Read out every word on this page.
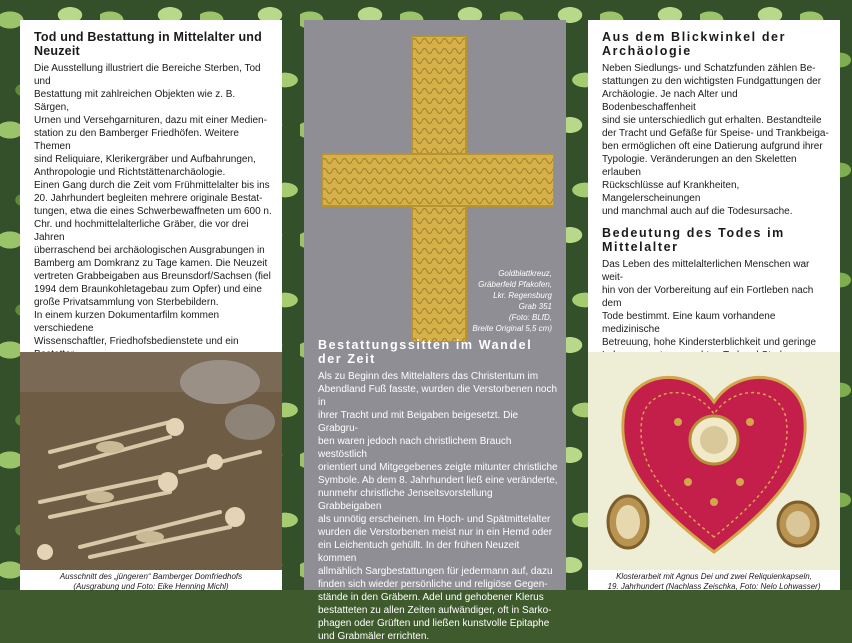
Tod und Bestattung in Mittelalter und Neuzeit

Die Ausstellung illustriert die Bereiche Sterben, Tod und
Bestattung mit zahlreichen Objekten wie z. B. Särgen,
Urnen und Versehgarnituren, dazu mit einer Medien-
station zu den Bamberger Friedhöfen. Weitere Themen
sind Reliquiare, Klerikergräber und Aufbahrungen,
Anthropologie und Richtstättenarchäologie.
Einen Gang durch die Zeit vom Frühmittelalter bis ins
20. Jahrhundert begleiten mehrere originale Bestat-
tungen, etwa die eines Schwerbewaffneten um 600 n.
Chr. und hochmittelalterliche Gräber, die vor drei Jahren
überraschend bei archäologischen Ausgrabungen in
Bamberg am Domkranz zu Tage kamen. Die Neuzeit
vertreten Grabbeigaben aus Breunsdorf/Sachsen (fiel
1994 dem Braunkohletagebau zum Opfer) und eine
große Privatsammlung von Sterbebildern.
In einem kurzen Dokumentarfilm kommen verschiedene
Wissenschaftler, Friedhofsbedienstete und ein

Ausschnitt des „jüngeren“ Bamberger Domfriedhofs
(Ausgrabung und Foto: Eike Henning Michl)
Goldblattkreuz,
Gräberfeld Pfakofen,
Lkr. Regensburg
Grab 351
(Foto: BLfD,
Breite Original 5,5 cm)
Bestattungssitten im Wandel der Zeit

Als zu Beginn des Mittelalters das Christentum im
Abendland Fuß fasste, wurden die Verstorbenen noch in
ihrer Tracht und mit Beigaben beigesetzt. Die Grabgru-
ben waren jedoch nach christlichem Brauch westöstlich
orientiert und Mitgegebenes zeigte mitunter christliche
Symbole. Ab dem 8. Jahrhundert ließ eine veränderte,
nunmehr christliche Jenseitsvorstellung Grabbeigaben
als unnötig erscheinen. Im Hoch- und Spätmittelalter
wurden die Verstorbenen meist nur in ein Hemd oder
ein Leichentuch gehüllt. In der frühen Neuzeit kommen
allmählich Sargbestattungen für jedermann auf, dazu
finden sich wieder persönliche und religiöse Gegen-
stände in den Gräbern. Adel und gehobener Klerus
bestatteten zu allen Zeiten aufwändiger, oft in Sarko-
phagen oder Grüften und ließen kunstvolle Epitaphe
und Grabmäler errichten.

Aus dem Blickwinkel der Archäologie

Neben Siedlungs- und Schatzfunden zählen Be-
stattungen zu den wichtigsten Fundgattungen der
Archäologie. Je nach Alter und Bodenbeschaffenheit
sind sie unterschiedlich gut erhalten. Bestandteile
der Tracht und Gefäße für Speise- und Trankbeiga-
ben ermöglichen oft eine Datierung aufgrund ihrer
Typologie. Veränderungen an den Skeletten erlauben
Rückschlüsse auf Krankheiten, Mangelerscheinungen
und manchmal auch auf die Todesursache.

Bedeutung des Todes im Mittelalter

Das Leben des mittelalterlichen Menschen war weit-
hin von der Vorbereitung auf ein Fortleben nach dem
Tode bestimmt. Eine kaum vorhandene medizinische
Betreuung, hohe Kindersterblichkeit und geringe

Klosterarbeit mit Agnus Dei und zwei Reliquienkapseln,
19. Jahrhundert (Nachlass Zeischka, Foto: Nelo Lohwasser)
